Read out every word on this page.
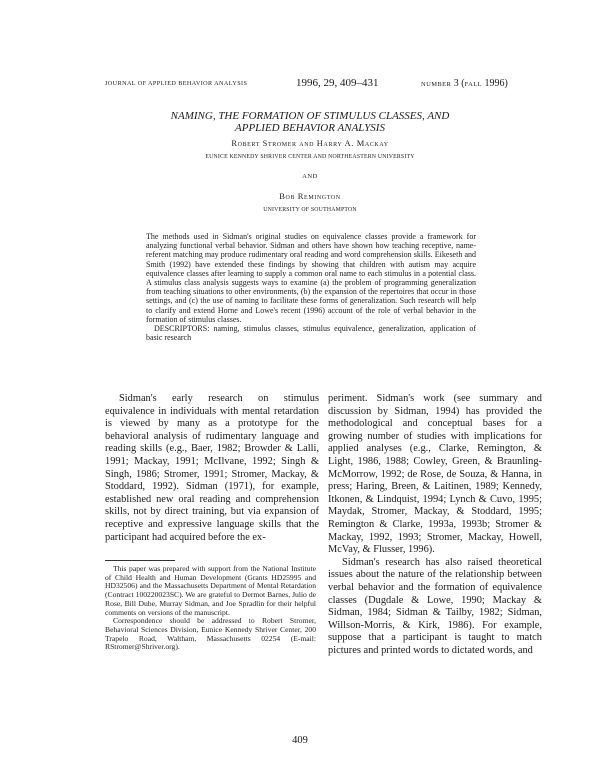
JOURNAL OF APPLIED BEHAVIOR ANALYSIS	1996, 29, 409–431	NUMBER 3 (FALL 1996)
NAMING, THE FORMATION OF STIMULUS CLASSES, AND
APPLIED BEHAVIOR ANALYSIS
Robert Stromer and Harry A. Mackay
EUNICE KENNEDY SHRIVER CENTER AND NORTHEASTERN UNIVERSITY
AND
Bob Remington
UNIVERSITY OF SOUTHAMPTON

The methods used in Sidman's original studies on equivalence classes provide a framework for analyzing functional verbal behavior. Sidman and others have shown how teaching receptive, name-referent matching may produce rudimentary oral reading and word comprehension skills. Eikeseth and Smith (1992) have extended these findings by showing that children with autism may acquire equivalence classes after learning to supply a common oral name to each stimulus in a potential class. A stimulus class analysis suggests ways to examine (a) the problem of programming generalization from teaching situations to other environments, (b) the expansion of the repertoires that occur in those settings, and (c) the use of naming to facilitate these forms of generalization. Such research will help to clarify and extend Horne and Lowe's recent (1996) account of the role of verbal behavior in the formation of stimulus classes.

DESCRIPTORS: naming, stimulus classes, stimulus equivalence, generalization, application of basic research

Sidman's early research on stimulus equivalence in individuals with mental retardation is viewed by many as a prototype for the behavioral analysis of rudimentary language and reading skills (e.g., Baer, 1982; Browder & Lalli, 1991; Mackay, 1991; McIlvane, 1992; Singh & Singh, 1986; Stromer, 1991; Stromer, Mackay, & Stoddard, 1992). Sidman (1971), for example, established new oral reading and comprehension skills, not by direct training, but via expansion of receptive and expressive language skills that the participant had acquired before the ex-

This paper was prepared with support from the National Institute of Child Health and Human Development (Grants HD25995 and HD32506) and the Massachusetts Department of Mental Retardation (Contract 100220023SC). We are grateful to Dermot Barnes, Julio de Rose, Bill Dube, Murray Sidman, and Joe Spradlin for their helpful comments on versions of the manuscript.

Correspondence should be addressed to Robert Stromer, Behavioral Sciences Division, Eunice Kennedy Shriver Center, 200 Trapelo Road, Waltham, Massachusetts 02254 (E-mail: RStromer@Shriver.org).

periment. Sidman's work (see summary and discussion by Sidman, 1994) has provided the methodological and conceptual bases for a growing number of studies with implications for applied analyses (e.g., Clarke, Remington, & Light, 1986, 1988; Cowley, Green, & Braunling-McMorrow, 1992; de Rose, de Souza, & Hanna, in press; Haring, Breen, & Laitinen, 1989; Kennedy, Itkonen, & Lindquist, 1994; Lynch & Cuvo, 1995; Maydak, Stromer, Mackay, & Stoddard, 1995; Remington & Clarke, 1993a, 1993b; Stromer & Mackay, 1992, 1993; Stromer, Mackay, Howell, McVay, & Flusser, 1996).

Sidman's research has also raised theoretical issues about the nature of the relationship between verbal behavior and the formation of equivalence classes (Dugdale & Lowe, 1990; Mackay & Sidman, 1984; Sidman & Tailby, 1982; Sidman, Willson-Morris, & Kirk, 1986). For example, suppose that a participant is taught to match pictures and printed words to dictated words, and

409
